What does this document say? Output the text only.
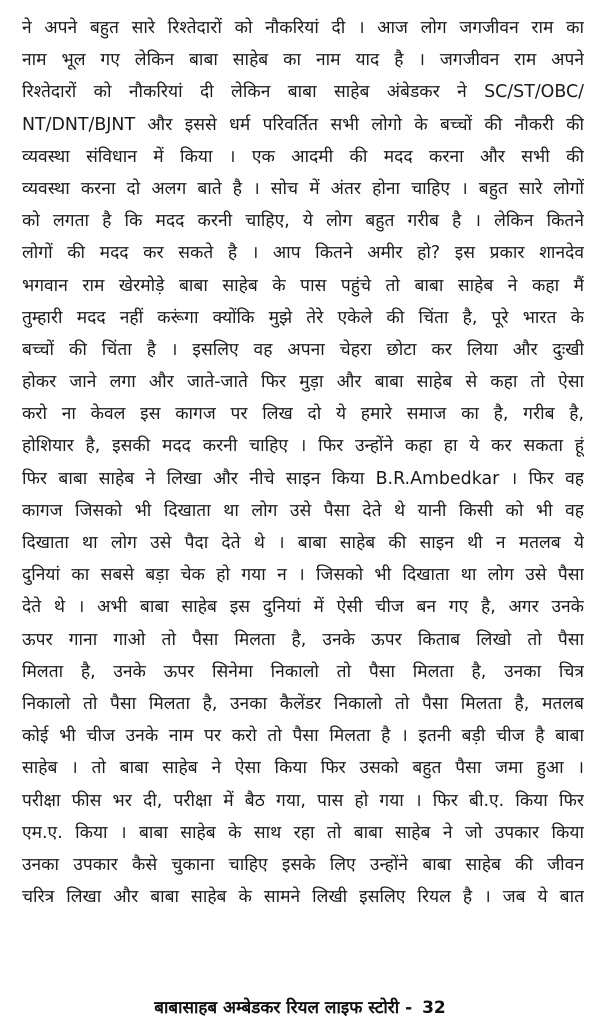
ने अपने बहुत सारे रिश्तेदारों को नौकरियां दी । आज लोग जगजीवन राम का
नाम भूल गए लेकिन बाबा साहेब का नाम याद है । जगजीवन राम अपने
रिश्तेदारों को नौकरियां दी लेकिन बाबा साहेब अंबेडकर ने SC/ST/OBC/
NT/DNT/BJNT और इससे धर्म परिवर्तित सभी लोगो के बच्चों की नौकरी की
व्यवस्था संविधान में किया । एक आदमी की मदद करना और सभी की
व्यवस्था करना दो अलग बाते है । सोच में अंतर होना चाहिए । बहुत सारे लोगों
को लगता है कि मदद करनी चाहिए, ये लोग बहुत गरीब है । लेकिन कितने
लोगों की मदद कर सकते है । आप कितने अमीर हो? इस प्रकार शानदेव
भगवान राम खेरमोड़े बाबा साहेब के पास पहुंचे तो बाबा साहेब ने कहा मैं
तुम्हारी मदद नहीं करूंगा क्योंकि मुझे तेरे एकेले की चिंता है, पूरे भारत के
बच्चों की चिंता है । इसलिए वह अपना चेहरा छोटा कर लिया और दुःखी
होकर जाने लगा और जाते-जाते फिर मुड़ा और बाबा साहेब से कहा तो ऐसा
करो ना केवल इस कागज पर लिख दो ये हमारे समाज का है, गरीब है,
होशियार है, इसकी मदद करनी चाहिए । फिर उन्होंने कहा हा ये कर सकता हूं
फिर बाबा साहेब ने लिखा और नीचे साइन किया B.R.Ambedkar । फिर वह
कागज जिसको भी दिखाता था लोग उसे पैसा देते थे यानी किसी को भी वह
दिखाता था लोग उसे पैदा देते थे । बाबा साहेब की साइन थी न मतलब ये
दुनियां का सबसे बड़ा चेक हो गया न । जिसको भी दिखाता था लोग उसे पैसा
देते थे । अभी बाबा साहेब इस दुनियां में ऐसी चीज बन गए है, अगर उनके
ऊपर गाना गाओ तो पैसा मिलता है, उनके ऊपर किताब लिखो तो पैसा
मिलता है, उनके ऊपर सिनेमा निकालो तो पैसा मिलता है, उनका चित्र
निकालो तो पैसा मिलता है, उनका कैलेंडर निकालो तो पैसा मिलता है, मतलब
कोई भी चीज उनके नाम पर करो तो पैसा मिलता है । इतनी बड़ी चीज है बाबा
साहेब । तो बाबा साहेब ने ऐसा किया फिर उसको बहुत पैसा जमा हुआ ।
परीक्षा फीस भर दी, परीक्षा में बैठ गया, पास हो गया । फिर बी.ए. किया फिर
एम.ए. किया । बाबा साहेब के साथ रहा तो बाबा साहेब ने जो उपकार किया
उनका उपकार कैसे चुकाना चाहिए इसके लिए उन्होंने बाबा साहेब की जीवन
चरित्र लिखा और बाबा साहेब के सामने लिखी इसलिए रियल है । जब ये बात
बाबासाहब अम्बेडकर रियल लाइफ स्टोरी - 32
